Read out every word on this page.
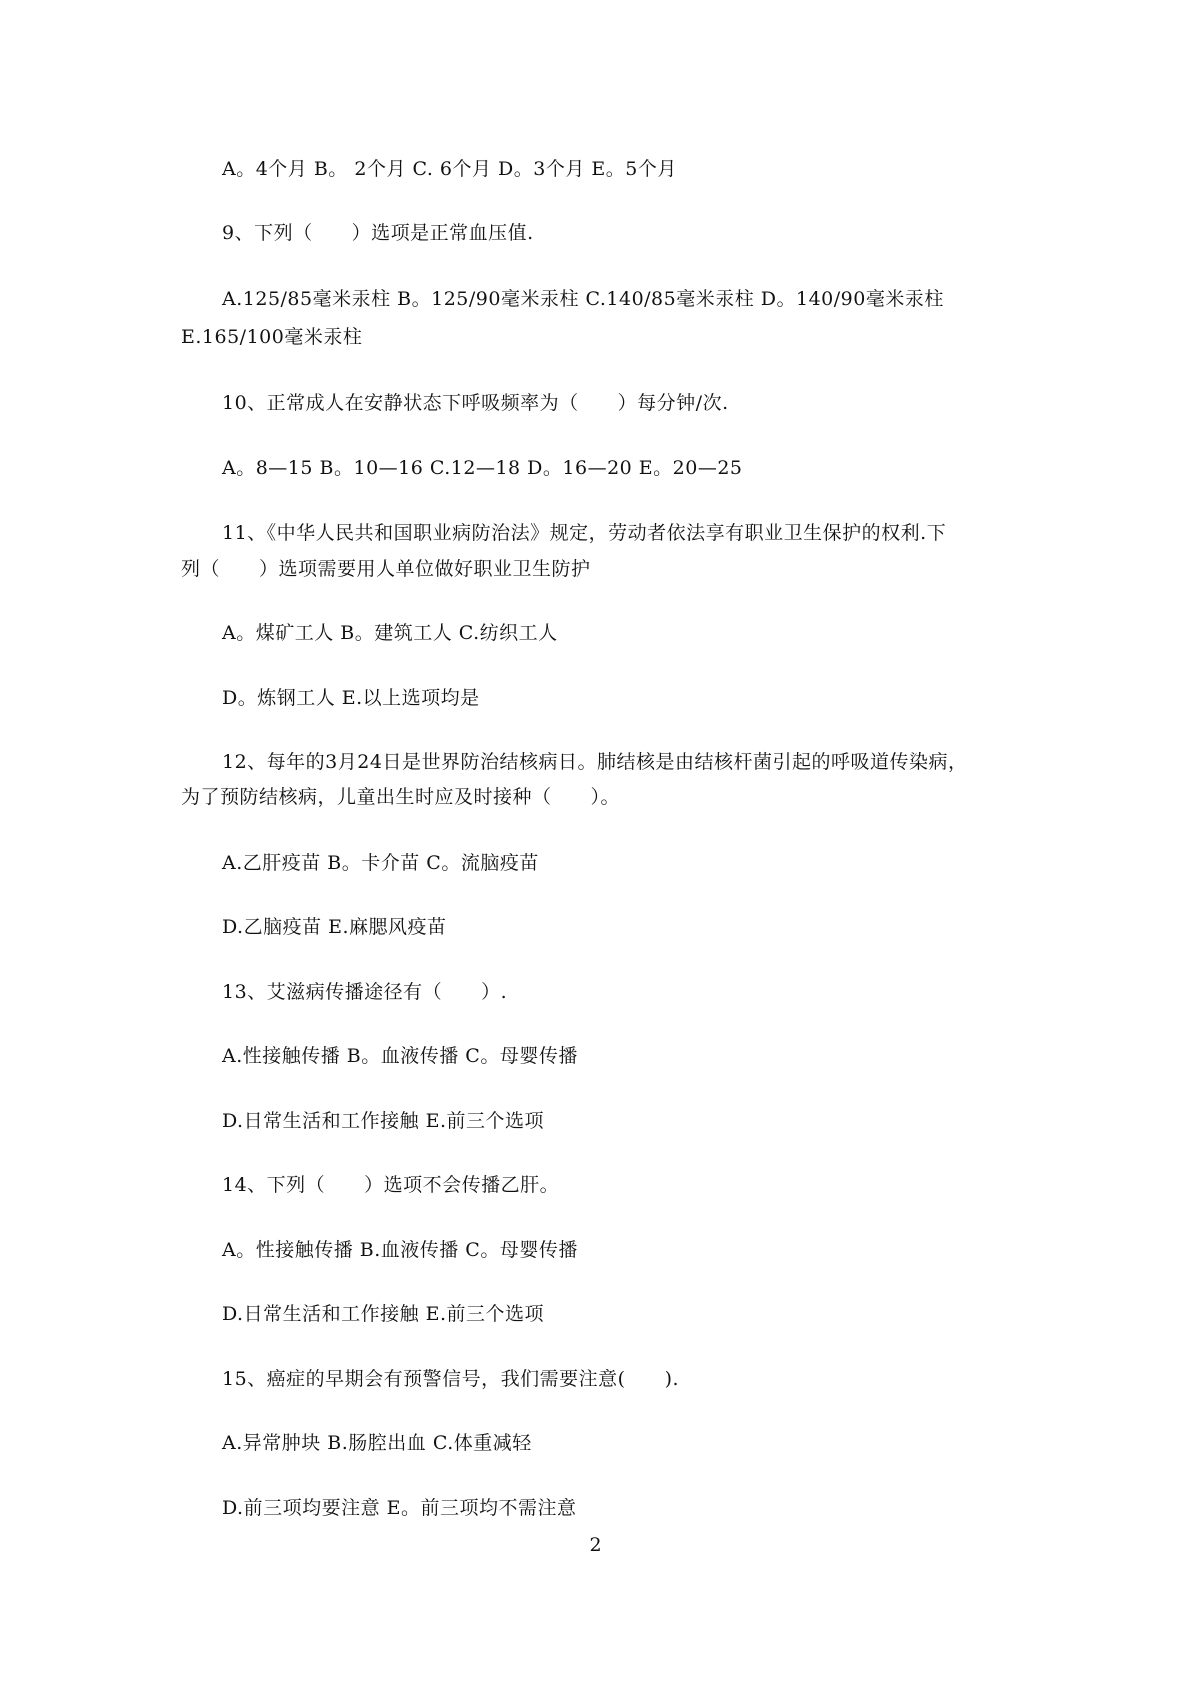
A。4个月 B。 2个月 C. 6个月 D。3个月 E。5个月
9、下列（　　）选项是正常血压值.
A.125/85毫米汞柱 B。125/90毫米汞柱 C.140/85毫米汞柱 D。140/90毫米汞柱
E.165/100毫米汞柱
10、正常成人在安静状态下呼吸频率为（　　）每分钟/次.
A。8—15 B。10—16 C.12—18 D。16—20 E。20—25
11、《中华人民共和国职业病防治法》规定，劳动者依法享有职业卫生保护的权利.下
列（　　）选项需要用人单位做好职业卫生防护
A。煤矿工人 B。建筑工人 C.纺织工人
D。炼钢工人 E.以上选项均是
12、每年的3月24日是世界防治结核病日。肺结核是由结核杆菌引起的呼吸道传染病，
为了预防结核病，儿童出生时应及时接种（　　）。
A.乙肝疫苗 B。卡介苗 C。流脑疫苗
D.乙脑疫苗 E.麻腮风疫苗
13、艾滋病传播途径有（　　）.
A.性接触传播 B。血液传播 C。母婴传播
D.日常生活和工作接触 E.前三个选项
14、下列（　　）选项不会传播乙肝。
A。性接触传播 B.血液传播 C。母婴传播
D.日常生活和工作接触 E.前三个选项
15、癌症的早期会有预警信号，我们需要注意(　　).
A.异常肿块 B.肠腔出血 C.体重减轻
D.前三项均要注意 E。前三项均不需注意
2
